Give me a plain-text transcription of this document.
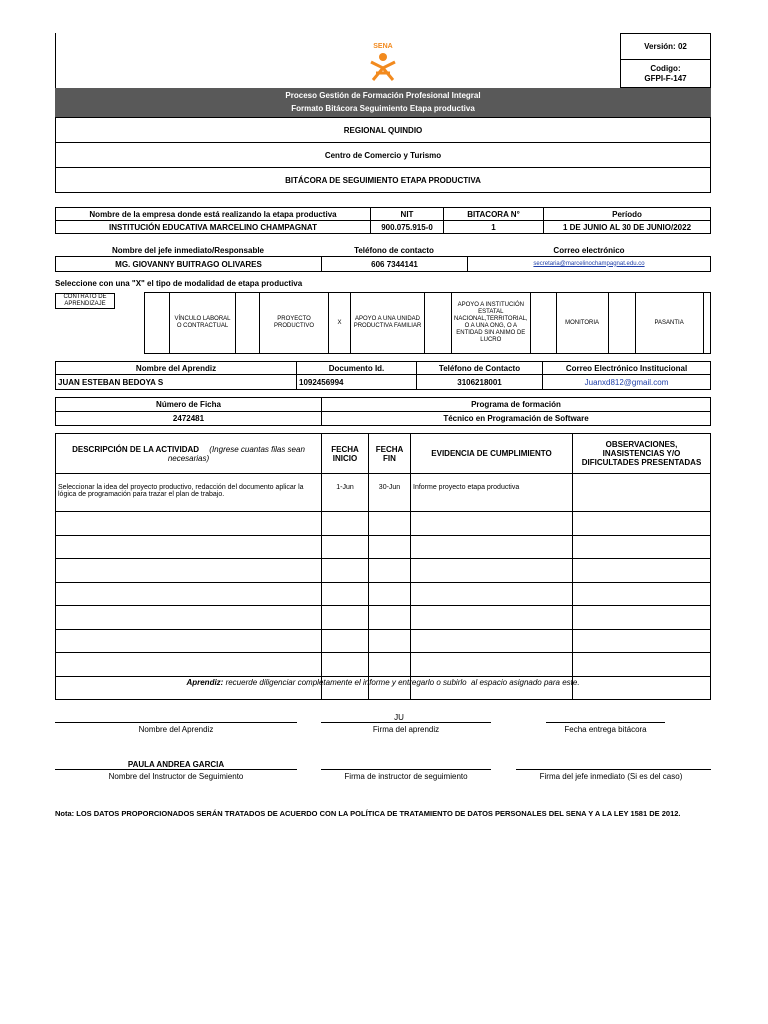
Versión: 02
Codigo:
GFPI-F-147
SENA
Proceso Gestión de Formación Profesional Integral
Formato Bitácora Seguimiento Etapa productiva
REGIONAL QUINDIO
Centro de Comercio y Turismo
BITÁCORA DE SEGUIMIENTO ETAPA PRODUCTIVA
Nombre de la empresa donde está realizando la etapa productiva	NIT	BITACORA N°	Período
INSTITUCIÓN EDUCATIVA MARCELINO CHAMPAGNAT	900.075.915-0	1	1 DE JUNIO AL 30 DE JUNIO/2022
Nombre del jefe inmediato/Responsable	Teléfono de contacto	Correo electrónico
MG. GIOVANNY BUITRAGO OLIVARES	606 7344141	secretaria@marcelinochampagnat.edu.co
Seleccione con una "X" el tipo de modalidad de etapa productiva
CONTRATO DE APRENDIZAJE
	VÍNCULO LABORAL O CONTRACTUAL		PROYECTO PRODUCTIVO	X	APOYO A UNA UNIDAD PRODUCTIVA FAMILIAR		APOYO A INSTITUCIÓN ESTATAL NACIONAL,TERRITORIAL, O A UNA ONG, O A ENTIDAD SIN ANIMO DE LUCRO		MONITORIA		PASANTIA	
Nombre del Aprendiz	Documento Id.	Teléfono de Contacto	Correo Electrónico Institucional
JUAN ESTEBAN BEDOYA S	1092456994	3106218001	Juanxd812@gmail.com
Número de Ficha	Programa de formación
2472481	Técnico en Programación de Software
DESCRIPCIÓN DE LA ACTIVIDAD (Ingrese cuantas filas sean necesarias)	FECHA INICIO	FECHA FIN	EVIDENCIA DE CUMPLIMIENTO	OBSERVACIONES, INASISTENCIAS Y/O DIFICULTADES PRESENTADAS
Seleccionar la idea del proyecto productivo, redacción del documento aplicar la lógica de programación para trazar el plan de trabajo.	1-Jun	30-Jun	Informe proyecto etapa productiva	

Aprendiz: recuerde diligenciar completamente el informe y entregarlo o subirlo  al espacio asignado para este.
JU
Nombre del Aprendiz	Firma del aprendiz	Fecha entrega bitácora
PAULA ANDREA GARCIA
Nombre del Instructor de Seguimiento	Firma de instructor de seguimiento	Firma del jefe inmediato (Si es del caso)
Nota: LOS DATOS PROPORCIONADOS SERÁN TRATADOS DE ACUERDO CON LA POLÍTICA DE TRATAMIENTO DE DATOS PERSONALES DEL SENA Y A LA LEY 1581 DE 2012.
